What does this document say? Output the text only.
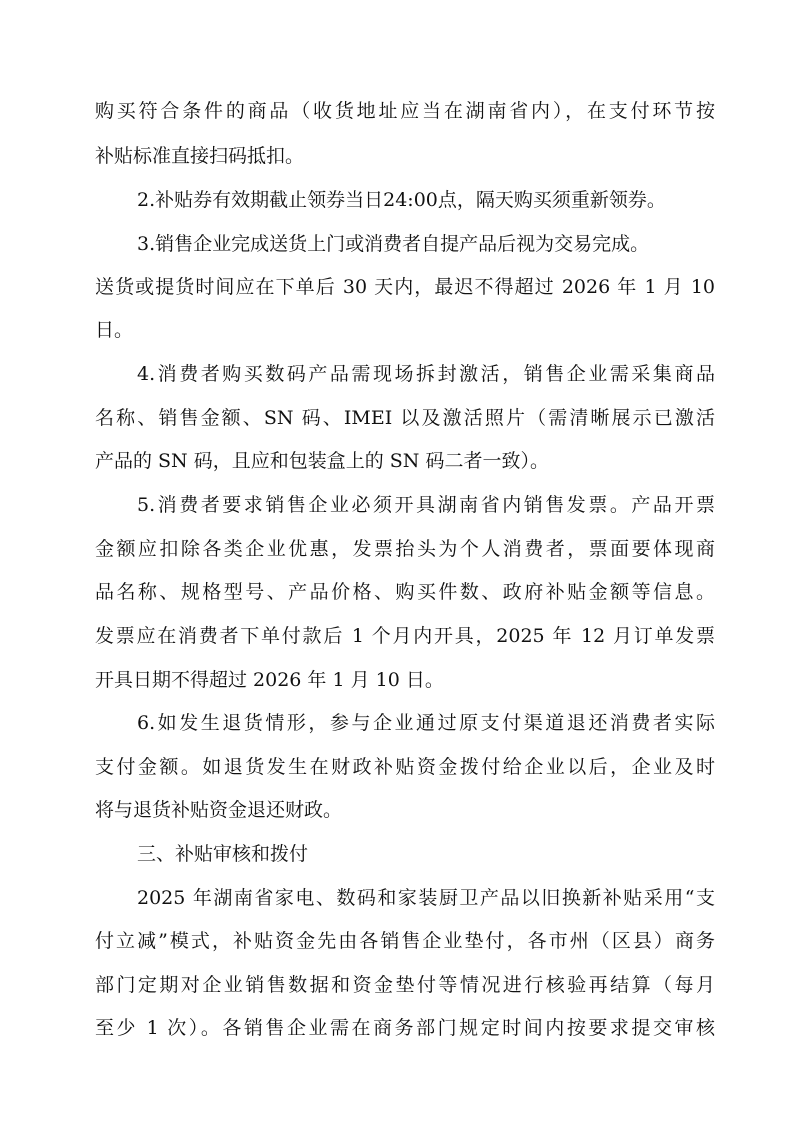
购买符合条件的商品（收货地址应当在湖南省内），在支付环节按
补贴标准直接扫码抵扣。
2.补贴券有效期截止领券当日24:00点，隔天购买须重新领券。
3.销售企业完成送货上门或消费者自提产品后视为交易完成。
送货或提货时间应在下单后 30 天内，最迟不得超过 2026 年 1 月 10
日。
4.消费者购买数码产品需现场拆封激活，销售企业需采集商品
名称、销售金额、SN 码、IMEI 以及激活照片（需清晰展示已激活
产品的 SN 码，且应和包装盒上的 SN 码二者一致）。
5.消费者要求销售企业必须开具湖南省内销售发票。产品开票
金额应扣除各类企业优惠，发票抬头为个人消费者，票面要体现商
品名称、规格型号、产品价格、购买件数、政府补贴金额等信息。
发票应在消费者下单付款后 1 个月内开具，2025 年 12 月订单发票
开具日期不得超过 2026 年 1 月 10 日。
6.如发生退货情形，参与企业通过原支付渠道退还消费者实际
支付金额。如退货发生在财政补贴资金拨付给企业以后，企业及时
将与退货补贴资金退还财政。
三、补贴审核和拨付
2025 年湖南省家电、数码和家装厨卫产品以旧换新补贴采用“支
付立减”模式，补贴资金先由各销售企业垫付，各市州（区县）商务
部门定期对企业销售数据和资金垫付等情况进行核验再结算（每月
至少 1 次）。各销售企业需在商务部门规定时间内按要求提交审核
